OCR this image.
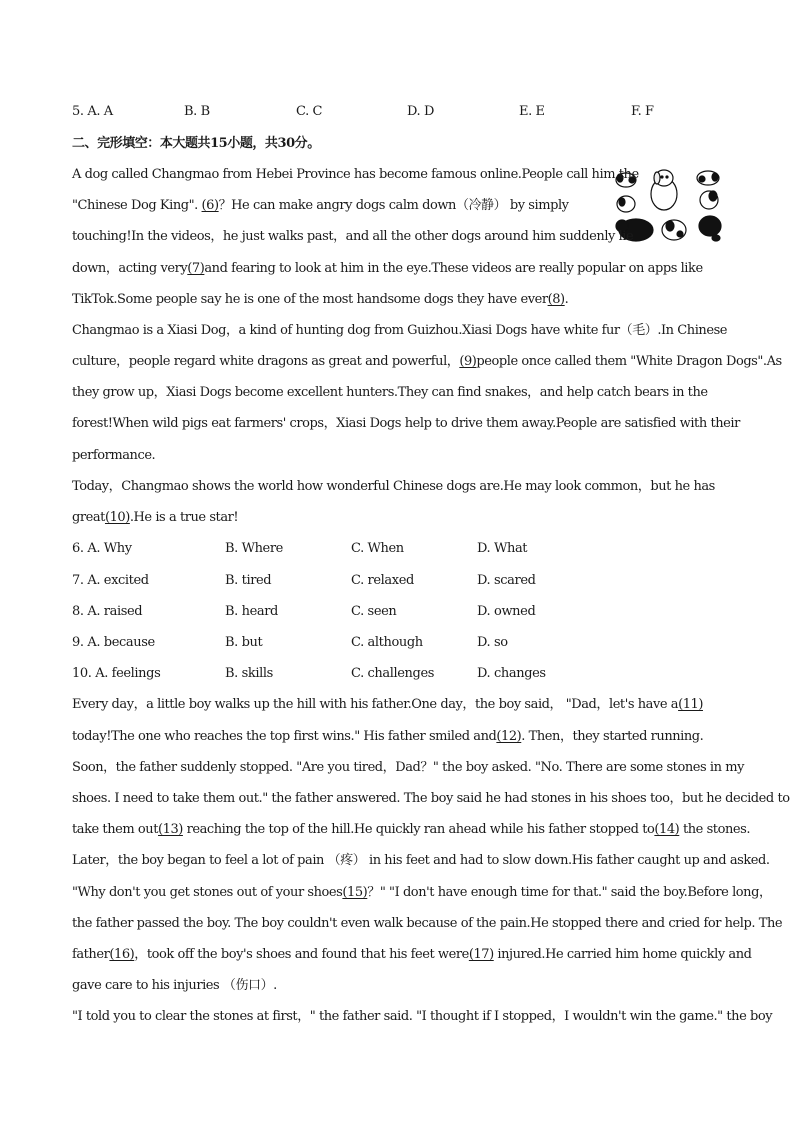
5. A. A	B. B	C. C	D. D	E. E	F. F
二、完形填空：本大题共15小题，共30分。
A dog called Changmao from Hebei Province has become famous online.People call him the
"Chinese Dog King". (6)？He can make angry dogs calm down（冷静） by simply
touching!In the videos，he just walks past，and all the other dogs around him suddenly lie
down，acting very(7)and fearing to look at him in the eye.These videos are really popular on apps like
TikTok.Some people say he is one of the most handsome dogs they have ever(8).
Changmao is a Xiasi Dog，a kind of hunting dog from Guizhou.Xiasi Dogs have white fur（毛）.In Chinese
culture，people regard white dragons as great and powerful，(9)people once called them "White Dragon Dogs".As
they grow up，Xiasi Dogs become excellent hunters.They can find snakes，and help catch bears in the
forest!When wild pigs eat farmers' crops，Xiasi Dogs help to drive them away.People are satisfied with their
performance.
Today，Changmao shows the world how wonderful Chinese dogs are.He may look common，but he has
great(10).He is a true star!
6. A. Why	B. Where	C. When	D. What
7. A. excited	B. tired	C. relaxed	D. scared
8. A. raised	B. heard	C. seen	D. owned
9. A. because	B. but	C. although	D. so
10. A. feelings	B. skills	C. challenges	D. changes
Every day，a little boy walks up the hill with his father.One day，the boy said， "Dad，let's have a(11)
today!The one who reaches the top first wins." His father smiled and(12). Then，they started running.
Soon，the father suddenly stopped. "Are you tired，Dad？" the boy asked. "No. There are some stones in my
shoes. I need to take them out." the father answered. The boy said he had stones in his shoes too，but he decided to
take them out(13) reaching the top of the hill.He quickly ran ahead while his father stopped to(14) the stones.
Later，the boy began to feel a lot of pain （疼） in his feet and had to slow down.His father caught up and asked.
"Why don't you get stones out of your shoes(15)？" "I don't have enough time for that." said the boy.Before long，
the father passed the boy. The boy couldn't even walk because of the pain.He stopped there and cried for help. The
father(16)，took off the boy's shoes and found that his feet were(17) injured.He carried him home quickly and
gave care to his injuries （伤口）.
"I told you to clear the stones at first，" the father said. "I thought if I stopped，I wouldn't win the game." the boy
